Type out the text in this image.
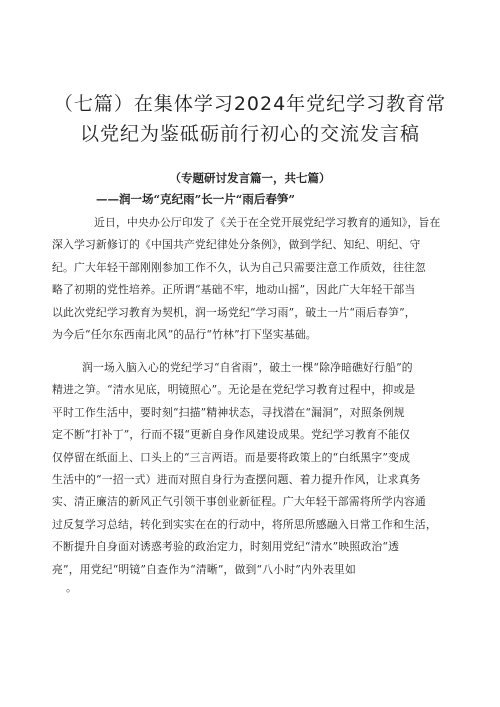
（七篇）在集体学习2024年党纪学习教育常
以党纪为鉴砥砺前行初心的交流发言稿
（专题研讨发言篇一，共七篇）
——润一场“克纪雨”长一片“雨后春笋”
近日，中央办公厅印发了《关于在全党开展党纪学习教育的通知》，旨在
深入学习新修订的《中国共产党纪律处分条例》，做到学纪、知纪、明纪、守
纪。广大年轻干部刚刚参加工作不久，认为自己只需要注意工作质效，往往忽
略了初期的党性培养。正所谓“基础不牢，地动山摇”，因此广大年轻干部当
以此次党纪学习教育为契机，润一场党纪“学习雨”，破土一片“雨后春笋”，
为今后“任尔东西南北风”的品行“竹林”打下坚实基础。
润一场入脑入心的党纪学习“自省雨”，破土一棵“除净暗礁好行船”的
精进之笋。“清水见底，明镜照心”。无论是在党纪学习教育过程中，抑或是
平时工作生活中，要时刻“扫描”精神状态，寻找潜在“漏洞”，对照条例规
定不断“打补丁”，行而不辍“更新自身作风建设成果。党纪学习教育不能仅
仅停留在纸面上、口头上的“三言两语。而是要将政策上的“白纸黑字”变成
生活中的“一招一式）进而对照自身行为查摆问题、着力提升作风，让求真务
实、清正廉洁的新风正气引领干事创业新征程。广大年轻干部需将所学内容通
过反复学习总结，转化到实实在在的行动中，将所思所感融入日常工作和生活，
不断提升自身面对诱惑考验的政治定力，时刻用党纪“清水”映照政治“透
亮”，用党纪“明镜”自查作为“清晰”，做到“八小时”内外表里如
。
